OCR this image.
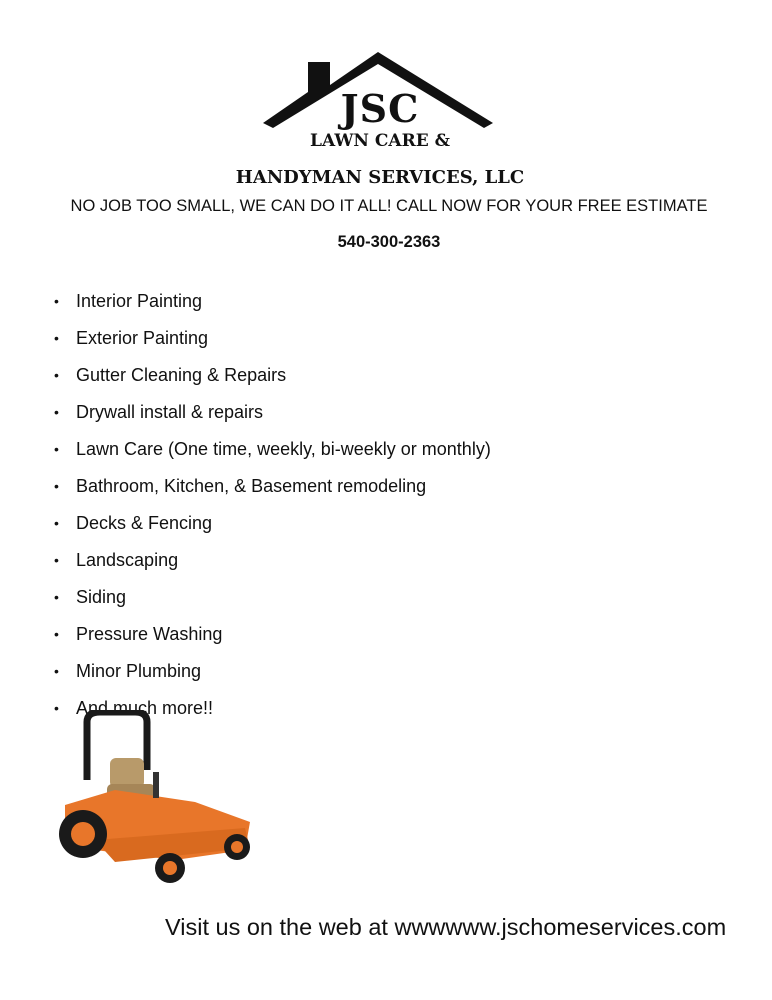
JSC
LAWN CARE &
HANDYMAN SERVICES, LLC
NO JOB TOO SMALL, WE CAN DO IT ALL! CALL NOW FOR YOUR FREE ESTIMATE
540-300-2363
• Interior Painting
• Exterior Painting
• Gutter Cleaning & Repairs
• Drywall install & repairs
• Lawn Care (One time, weekly, bi-weekly or monthly)
• Bathroom, Kitchen, & Basement remodeling
• Decks & Fencing
• Landscaping
• Siding
• Pressure Washing
• Minor Plumbing
• And much more!!
Visit us on the web at wwwwww.jschomeservices.com
